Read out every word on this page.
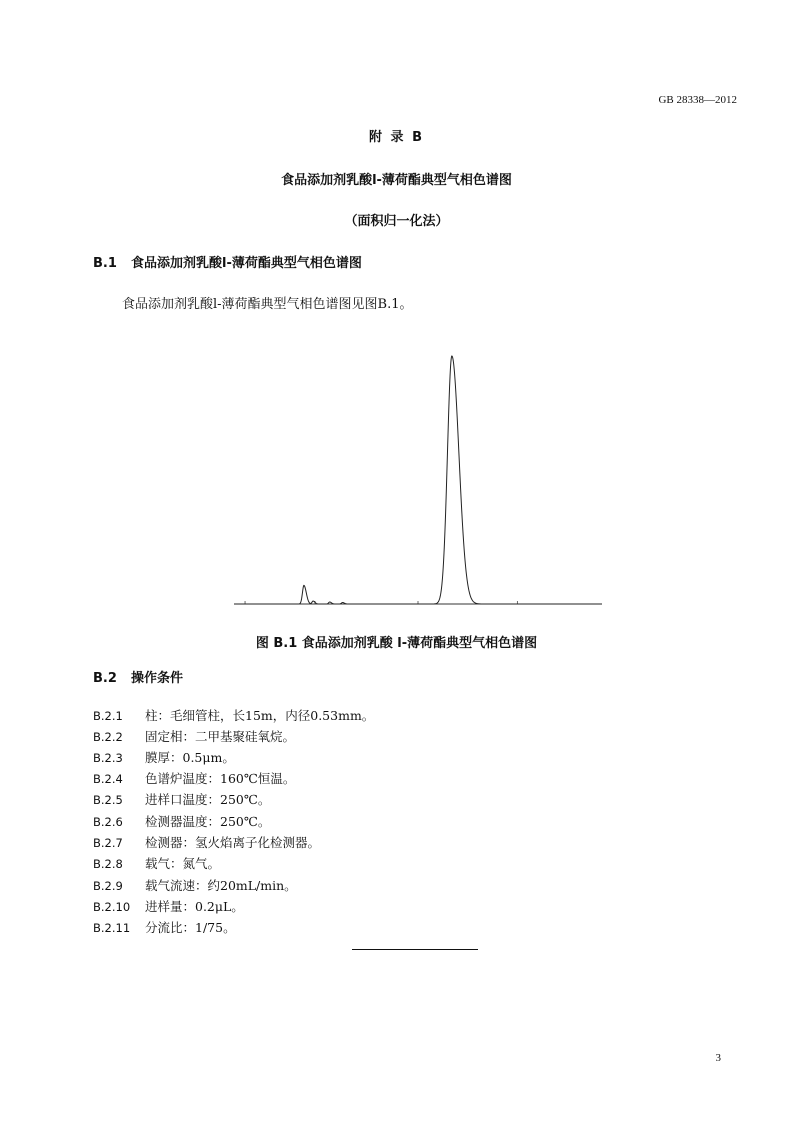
GB 28338—2012
附 录 B
食品添加剂乳酸l-薄荷酯典型气相色谱图
（面积归一化法）
B.1 食品添加剂乳酸l-薄荷酯典型气相色谱图
食品添加剂乳酸l-薄荷酯典型气相色谱图见图B.1。
图 B.1 食品添加剂乳酸 l-薄荷酯典型气相色谱图
B.2 操作条件
B.2.1 柱：毛细管柱，长15m，内径0.53mm。
B.2.2 固定相：二甲基聚硅氧烷。
B.2.3 膜厚：0.5μm。
B.2.4 色谱炉温度：160℃恒温。
B.2.5 进样口温度：250℃。
B.2.6 检测器温度：250℃。
B.2.7 检测器：氢火焰离子化检测器。
B.2.8 载气：氮气。
B.2.9 载气流速：约20mL/min。
B.2.10 进样量：0.2μL。
B.2.11 分流比：1/75。
3
